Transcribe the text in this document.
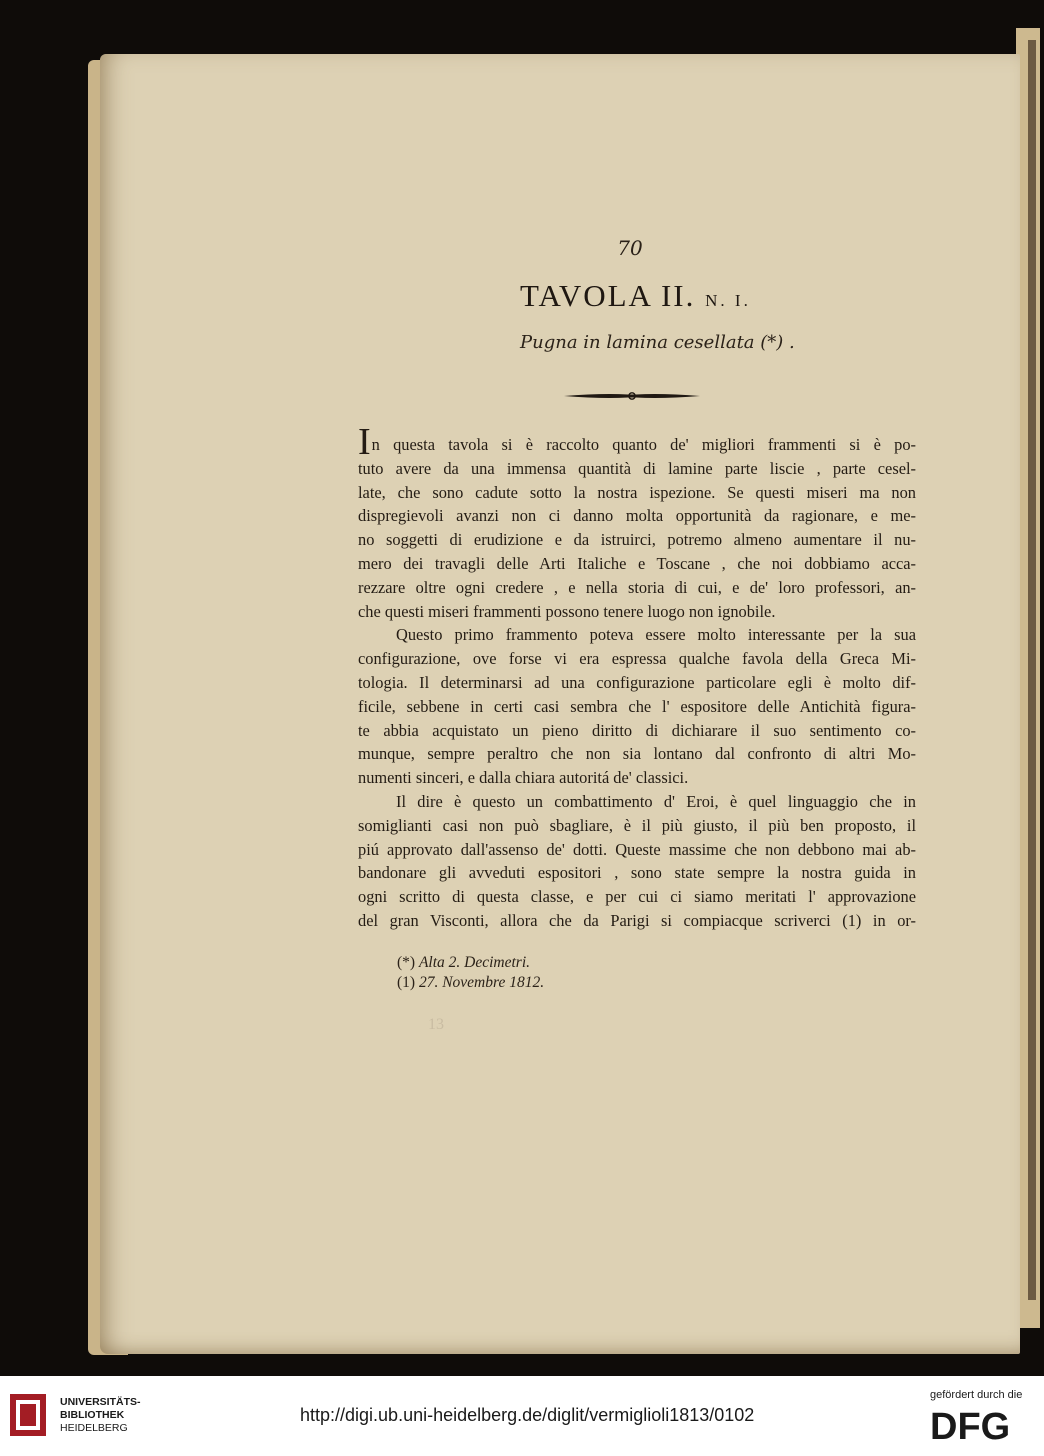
70
TAVOLA II. N. I.
Pugna in lamina cesellata (*) .
In questa tavola si è raccolto quanto de' migliori frammenti si è po-
tuto avere da una immensa quantità di lamine parte liscie , parte cesel-
late, che sono cadute sotto la nostra ispezione. Se questi miseri ma non
dispregievoli avanzi non ci danno molta opportunità da ragionare, e me-
no soggetti di erudizione e da istruirci, potremo almeno aumentare il nu-
mero dei travagli delle Arti Italiche e Toscane , che noi dobbiamo acca-
rezzare oltre ogni credere , e nella storia di cui, e de' loro professori, an-
che questi miseri frammenti possono tenere luogo non ignobile.
Questo primo frammento poteva essere molto interessante per la sua
configurazione, ove forse vi era espressa qualche favola della Greca Mi-
tologia. Il determinarsi ad una configurazione particolare egli è molto dif-
ficile, sebbene in certi casi sembra che l' espositore delle Antichità figura-
te abbia acquistato un pieno diritto di dichiarare il suo sentimento co-
munque, sempre peraltro che non sia lontano dal confronto di altri Mo-
numenti sinceri, e dalla chiara autoritá de' classici.
Il dire è questo un combattimento d' Eroi, è quel linguaggio che in
somiglianti casi non può sbagliare, è il più giusto, il più ben proposto, il
piú approvato dall'assenso de' dotti. Queste massime che non debbono mai ab-
bandonare gli avveduti espositori , sono state sempre la nostra guida in
ogni scritto di questa classe, e per cui ci siamo meritati l' approvazione
del gran Visconti, allora che da Parigi si compiacque scriverci (1) in or-
(*) Alta 2. Decimetri.
(1) 27. Novembre 1812.
13
UNIVERSITÄTS-
BIBLIOTHEK
HEIDELBERG
http://digi.ub.uni-heidelberg.de/diglit/vermiglioli1813/0102
gefördert durch die
DFG
